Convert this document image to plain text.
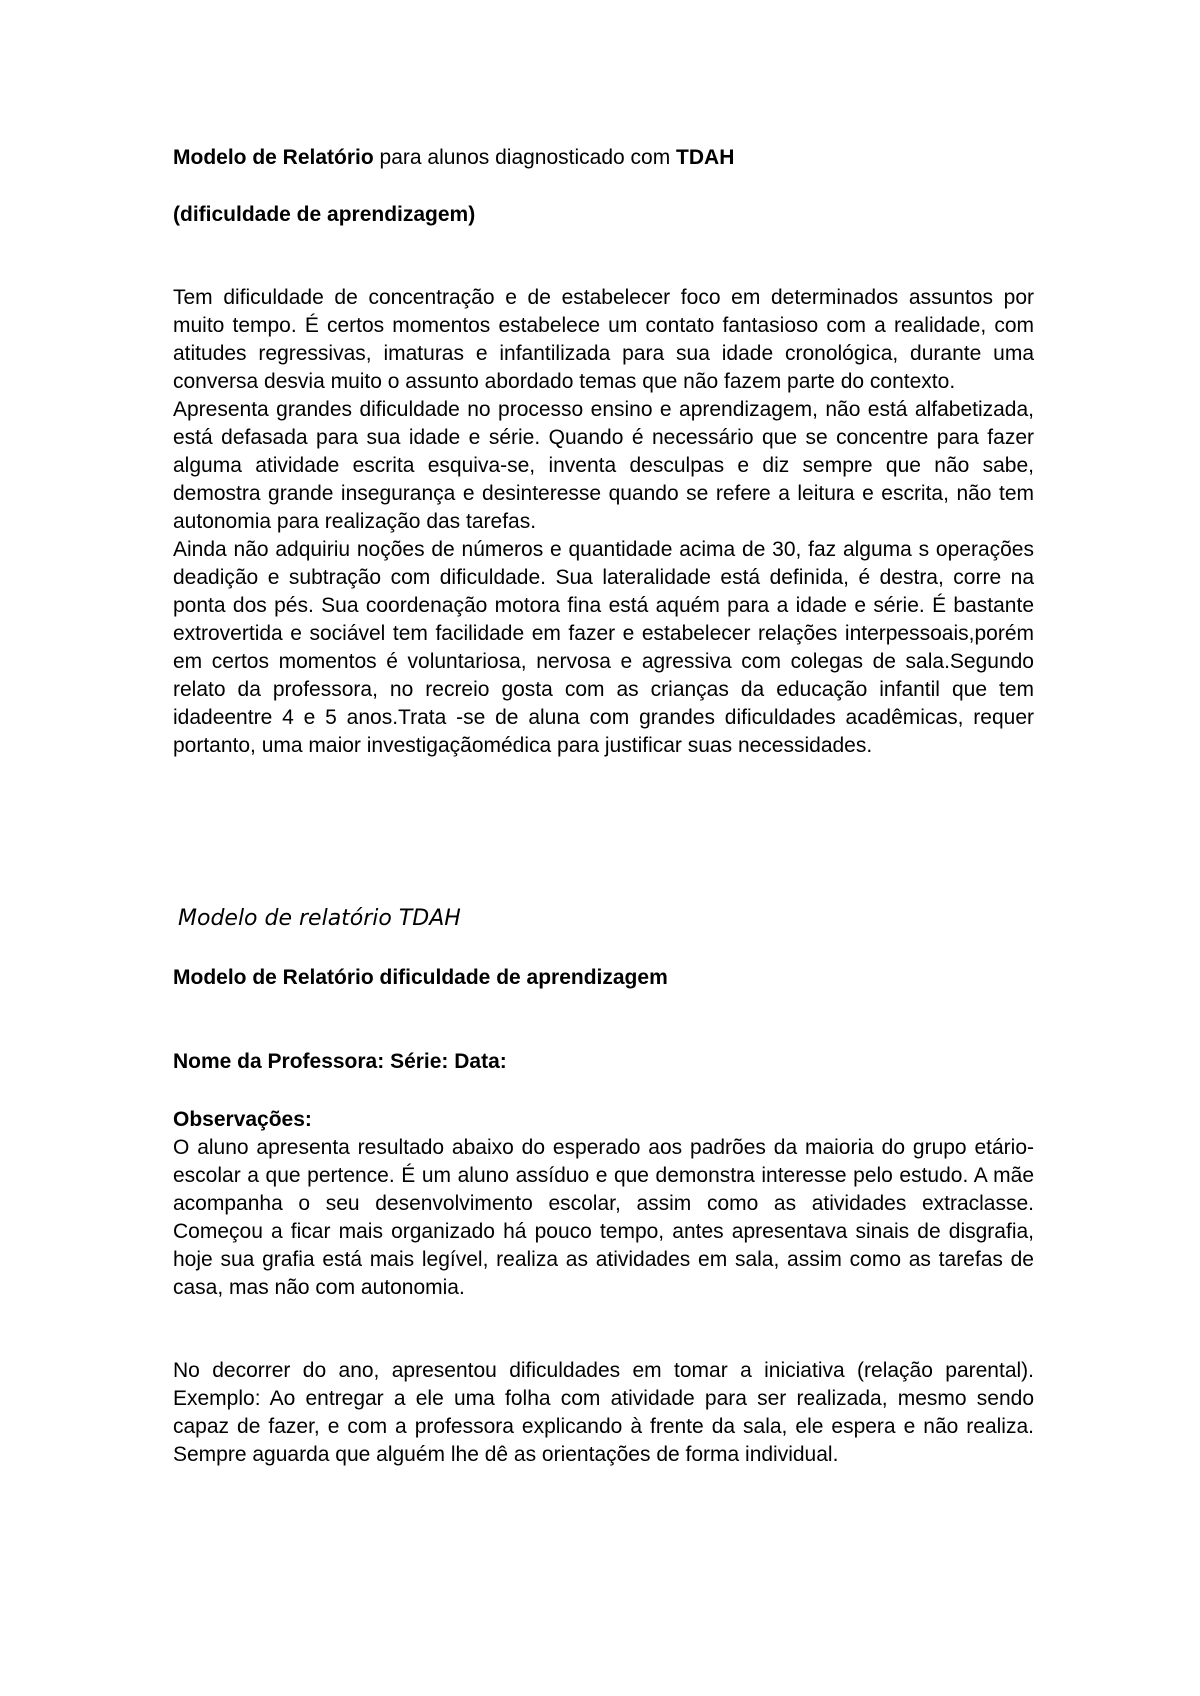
Modelo de Relatório para alunos diagnosticado com TDAH

(dificuldade de aprendizagem)

Tem dificuldade de concentração e de estabelecer foco em determinados assuntos por muito tempo. É certos momentos estabelece um contato fantasioso com a realidade, com atitudes regressivas, imaturas e infantilizada para sua idade cronológica, durante uma conversa desvia muito o assunto abordado temas que não fazem parte do contexto.

Apresenta grandes dificuldade no processo ensino e aprendizagem, não está alfabetizada, está defasada para sua idade e série. Quando é necessário que se concentre para fazer alguma atividade escrita esquiva-se, inventa desculpas e diz sempre que não sabe, demostra grande insegurança e desinteresse quando se refere a leitura e escrita, não tem autonomia para realização das tarefas.

Ainda não adquiriu noções de números e quantidade acima de 30, faz alguma s operações deadição e subtração com dificuldade. Sua lateralidade está definida, é destra, corre na ponta dos pés. Sua coordenação motora fina está aquém para a idade e série. É bastante extrovertida e sociável tem facilidade em fazer e estabelecer relações interpessoais,porém em certos momentos é voluntariosa, nervosa e agressiva com colegas de sala.Segundo relato da professora, no recreio gosta com as crianças da educação infantil que tem idadeentre 4 e 5 anos.Trata -se de aluna com grandes dificuldades acadêmicas, requer portanto, uma maior investigaçãomédica para justificar suas necessidades.

Modelo de relatório TDAH

Modelo de Relatório dificuldade de aprendizagem

Nome da Professora: Série: Data:

Observações:

O aluno apresenta resultado abaixo do esperado aos padrões da maioria do grupo etário-escolar a que pertence. É um aluno assíduo e que demonstra interesse pelo estudo. A mãe acompanha o seu desenvolvimento escolar, assim como as atividades extraclasse. Começou a ficar mais organizado há pouco tempo, antes apresentava sinais de disgrafia, hoje sua grafia está mais legível, realiza as atividades em sala, assim como as tarefas de casa, mas não com autonomia.
No decorrer do ano, apresentou dificuldades em tomar a iniciativa (relação parental). Exemplo: Ao entregar a ele uma folha com atividade para ser realizada, mesmo sendo capaz de fazer, e com a professora explicando à frente da sala, ele espera e não realiza. Sempre aguarda que alguém lhe dê as orientações de forma individual.
